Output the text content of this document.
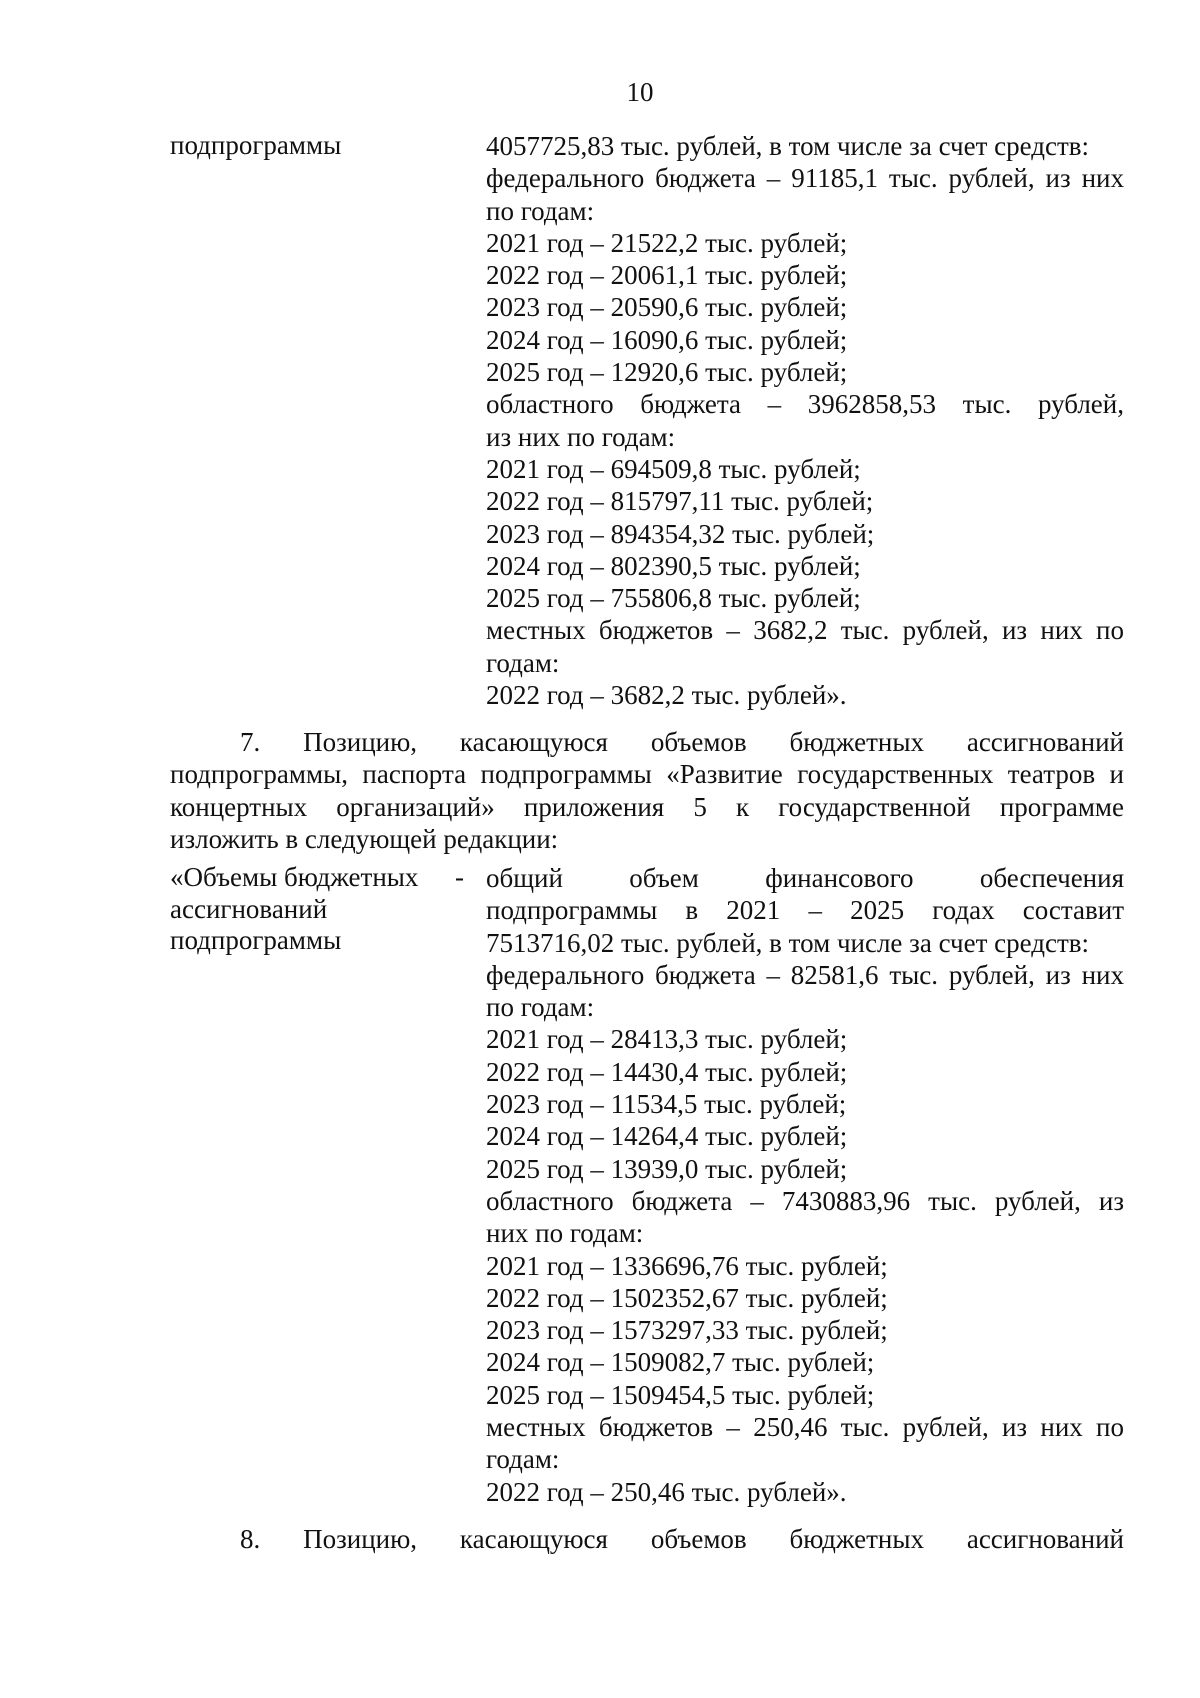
10
подпрограммы	4057725,83 тыс. рублей, в том числе за счет средств:
федерального бюджета – 91185,1 тыс. рублей, из них
по годам:
2021 год – 21522,2 тыс. рублей;
2022 год – 20061,1 тыс. рублей;
2023 год – 20590,6 тыс. рублей;
2024 год – 16090,6 тыс. рублей;
2025 год – 12920,6 тыс. рублей;
областного бюджета – 3962858,53 тыс. рублей,
из них по годам:
2021 год – 694509,8 тыс. рублей;
2022 год – 815797,11 тыс. рублей;
2023 год – 894354,32 тыс. рублей;
2024 год – 802390,5 тыс. рублей;
2025 год – 755806,8 тыс. рублей;
местных бюджетов – 3682,2 тыс. рублей, из них по
годам:
2022 год – 3682,2 тыс. рублей».
7. Позицию, касающуюся объемов бюджетных ассигнований
подпрограммы, паспорта подпрограммы «Развитие государственных театров и
концертных организаций» приложения 5 к государственной программе
изложить в следующей редакции:
«Объемы бюджетных
ассигнований
подпрограммы
- общий объем финансового обеспечения
подпрограммы в 2021 – 2025 годах составит
7513716,02 тыс. рублей, в том числе за счет средств:
федерального бюджета – 82581,6 тыс. рублей, из них
по годам:
2021 год – 28413,3 тыс. рублей;
2022 год – 14430,4 тыс. рублей;
2023 год – 11534,5 тыс. рублей;
2024 год – 14264,4 тыс. рублей;
2025 год – 13939,0 тыс. рублей;
областного бюджета – 7430883,96 тыс. рублей, из
них по годам:
2021 год – 1336696,76 тыс. рублей;
2022 год – 1502352,67 тыс. рублей;
2023 год – 1573297,33 тыс. рублей;
2024 год – 1509082,7 тыс. рублей;
2025 год – 1509454,5 тыс. рублей;
местных бюджетов – 250,46 тыс. рублей, из них по
годам:
2022 год – 250,46 тыс. рублей».
8. Позицию, касающуюся объемов бюджетных ассигнований
